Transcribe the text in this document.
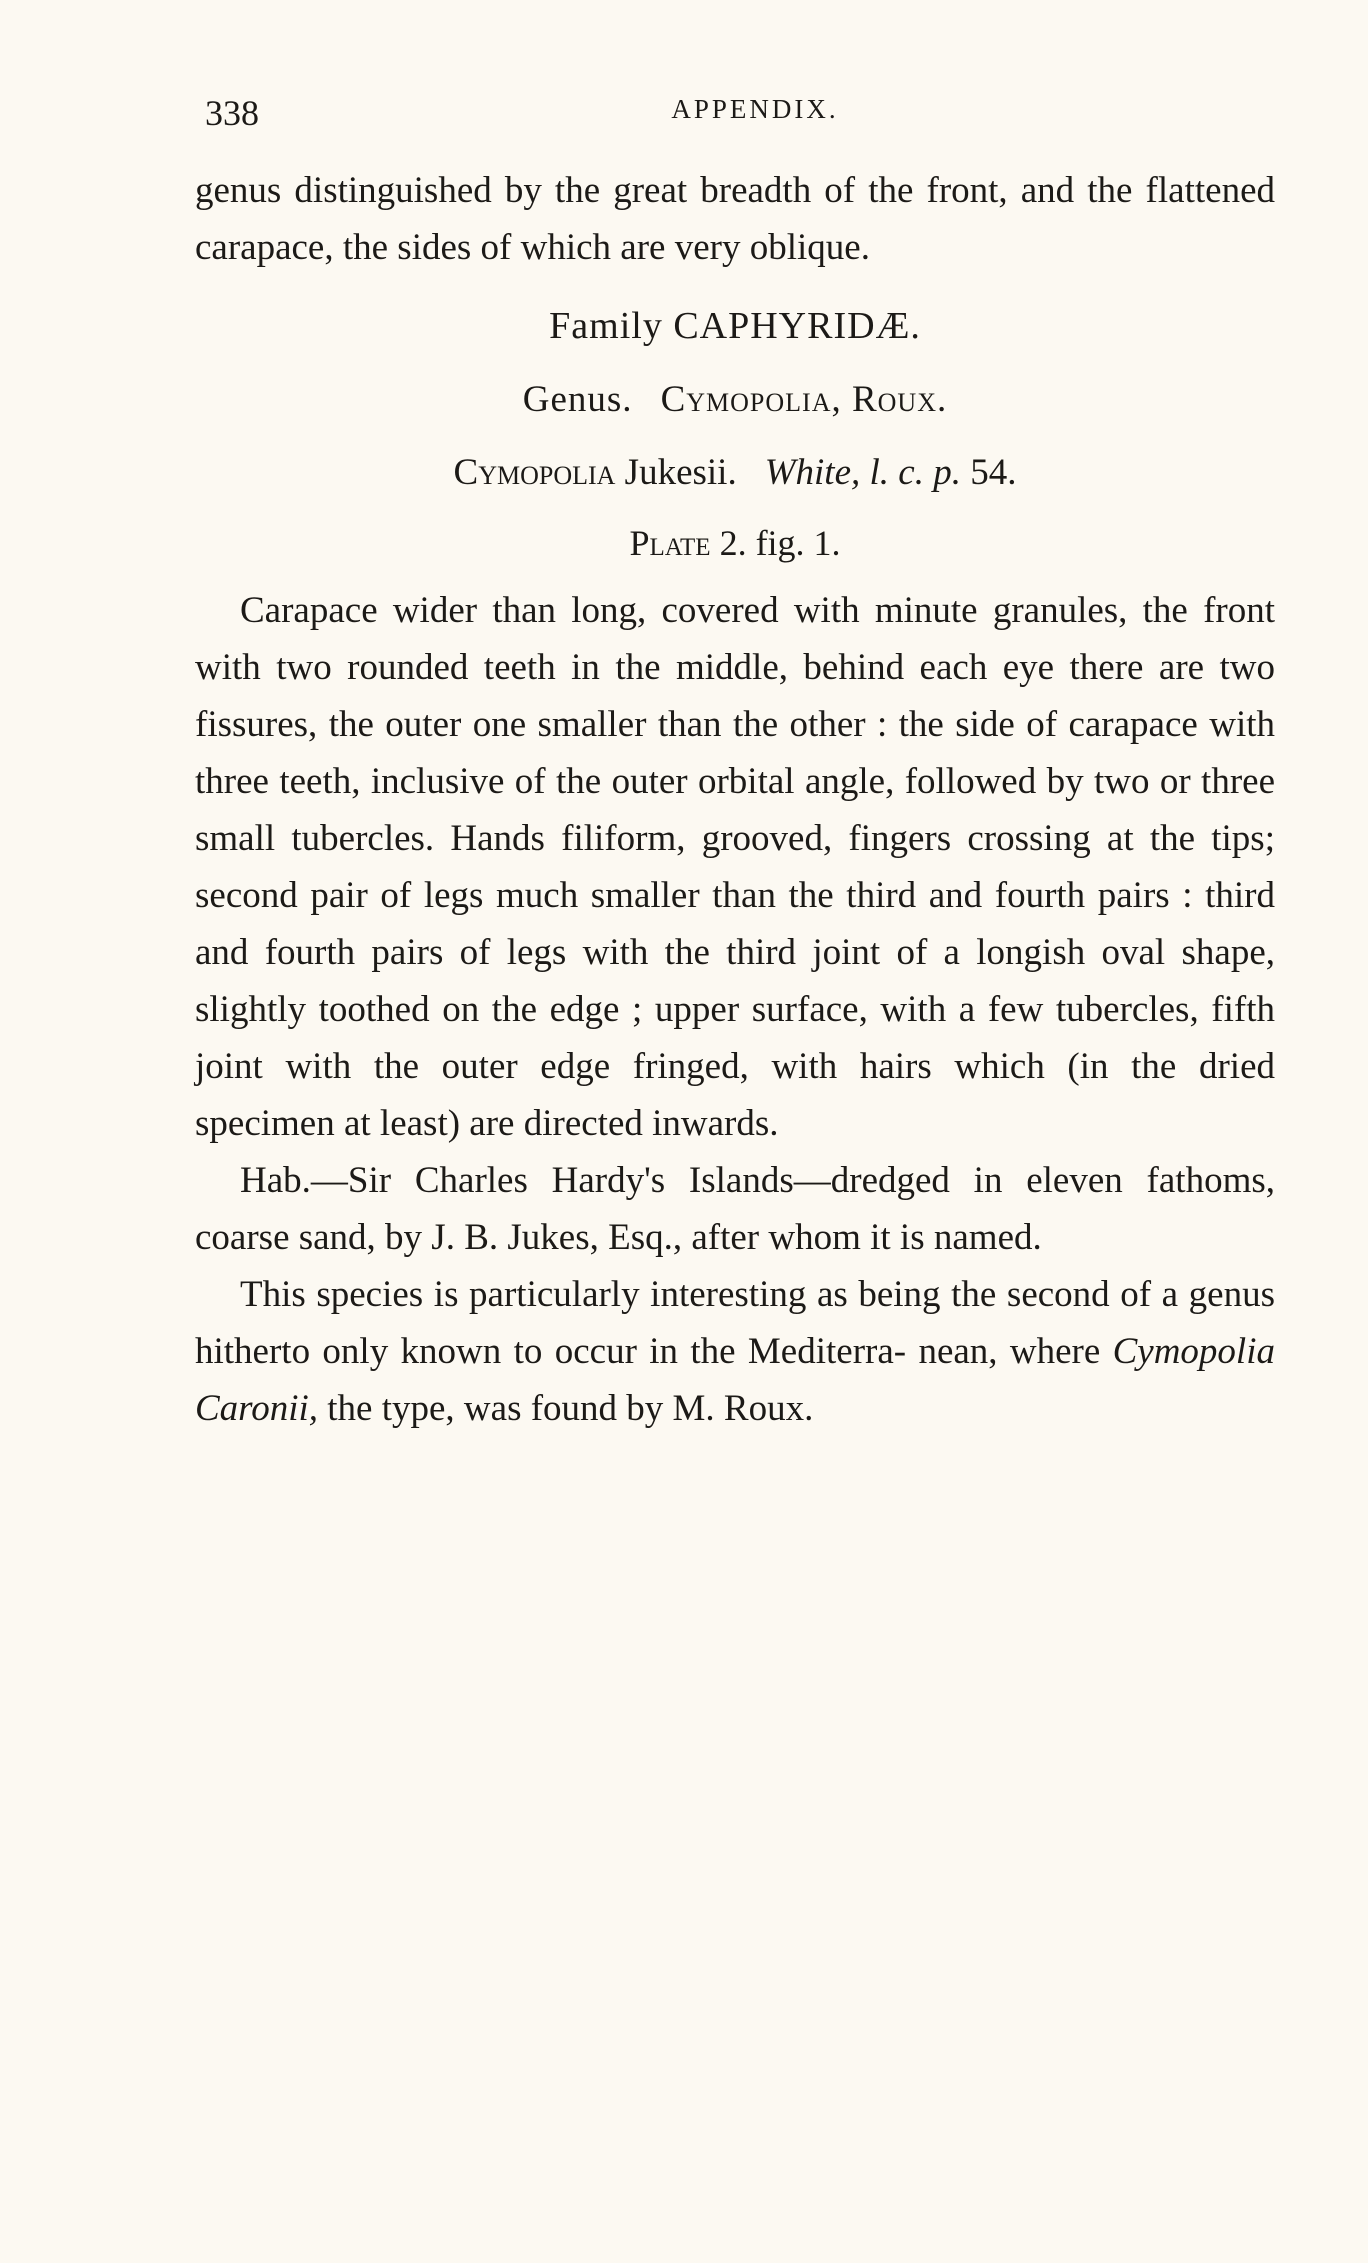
338	APPENDIX.

genus distinguished by the great breadth of the front, and the flattened carapace, the sides of which are very oblique.

Family CAPHYRIDÆ.

Genus. Cymopolia, Roux.

Cymopolia Jukesii. White, l. c. p. 54.

Plate 2. fig. 1.

Carapace wider than long, covered with minute granules, the front with two rounded teeth in the middle, behind each eye there are two fissures, the outer one smaller than the other : the side of carapace with three teeth, inclusive of the outer orbital angle, followed by two or three small tubercles. Hands filiform, grooved, fingers crossing at the tips; second pair of legs much smaller than the third and fourth pairs : third and fourth pairs of legs with the third joint of a longish oval shape, slightly toothed on the edge ; upper surface, with a few tubercles, fifth joint with the outer edge fringed, with hairs which (in the dried specimen at least) are directed inwards.

Hab.—Sir Charles Hardy's Islands—dredged in eleven fathoms, coarse sand, by J. B. Jukes, Esq., after whom it is named.

This species is particularly interesting as being the second of a genus hitherto only known to occur in the Mediterra- nean, where Cymopolia Caronii, the type, was found by M. Roux.
